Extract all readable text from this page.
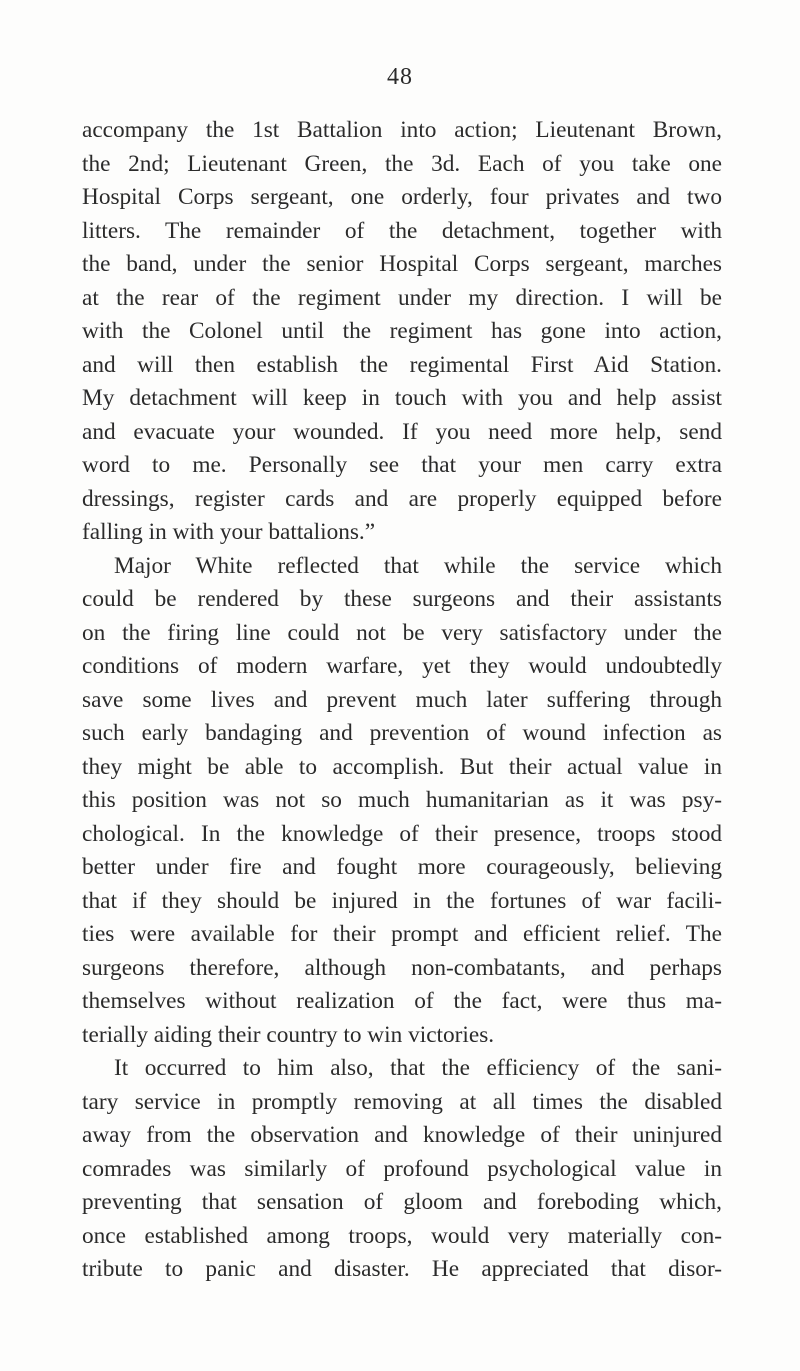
48
accompany the 1st Battalion into action; Lieutenant Brown,
the 2nd; Lieutenant Green, the 3d. Each of you take one
Hospital Corps sergeant, one orderly, four privates and two
litters. The remainder of the detachment, together with
the band, under the senior Hospital Corps sergeant, marches
at the rear of the regiment under my direction. I will be
with the Colonel until the regiment has gone into action,
and will then establish the regimental First Aid Station.
My detachment will keep in touch with you and help assist
and evacuate your wounded. If you need more help, send
word to me. Personally see that your men carry extra
dressings, register cards and are properly equipped before
falling in with your battalions.”
Major White reflected that while the service which
could be rendered by these surgeons and their assistants
on the firing line could not be very satisfactory under the
conditions of modern warfare, yet they would undoubtedly
save some lives and prevent much later suffering through
such early bandaging and prevention of wound infection as
they might be able to accomplish. But their actual value in
this position was not so much humanitarian as it was psy-
chological. In the knowledge of their presence, troops stood
better under fire and fought more courageously, believing
that if they should be injured in the fortunes of war facili-
ties were available for their prompt and efficient relief. The
surgeons therefore, although non-combatants, and perhaps
themselves without realization of the fact, were thus ma-
terially aiding their country to win victories.
It occurred to him also, that the efficiency of the sani-
tary service in promptly removing at all times the disabled
away from the observation and knowledge of their uninjured
comrades was similarly of profound psychological value in
preventing that sensation of gloom and foreboding which,
once established among troops, would very materially con-
tribute to panic and disaster. He appreciated that disor-
